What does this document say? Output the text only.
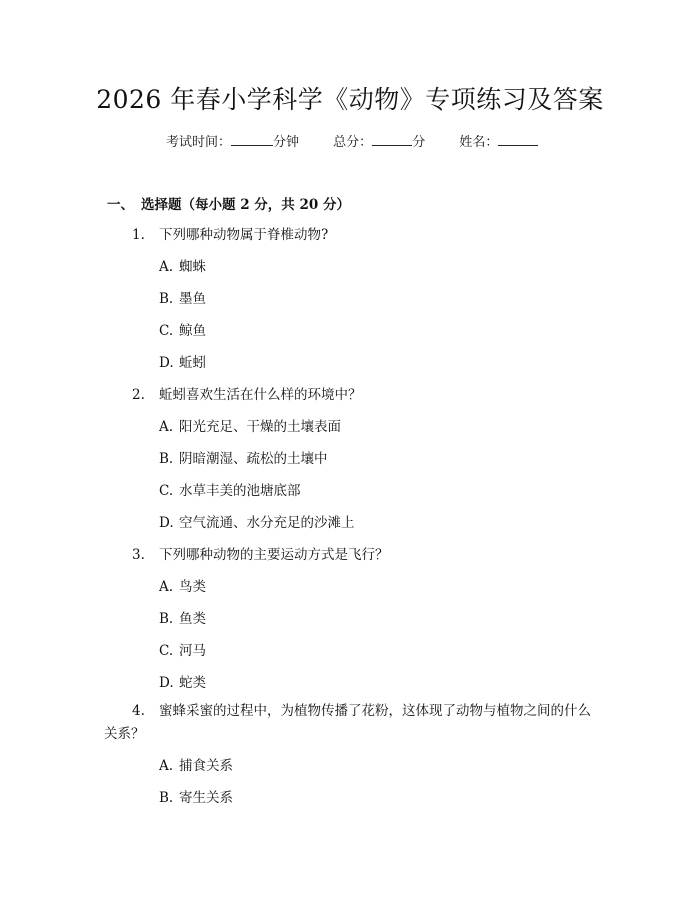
2026 年春小学科学《动物》专项练习及答案
考试时间：	分钟	总分：	分	姓名：
一、 选择题（每小题 2 分，共 20 分）
1. 下列哪种动物属于脊椎动物?
A. 蜘蛛
B. 墨鱼
C. 鲸鱼
D. 蚯蚓
2. 蚯蚓喜欢生活在什么样的环境中？
A. 阳光充足、干燥的土壤表面
B. 阴暗潮湿、疏松的土壤中
C. 水草丰美的池塘底部
D. 空气流通、水分充足的沙滩上
3. 下列哪种动物的主要运动方式是飞行？
A. 鸟类
B. 鱼类
C. 河马
D. 蛇类
4. 蜜蜂采蜜的过程中，为植物传播了花粉，这体现了动物与植物之间的什么
关系？
A. 捕食关系
B. 寄生关系
